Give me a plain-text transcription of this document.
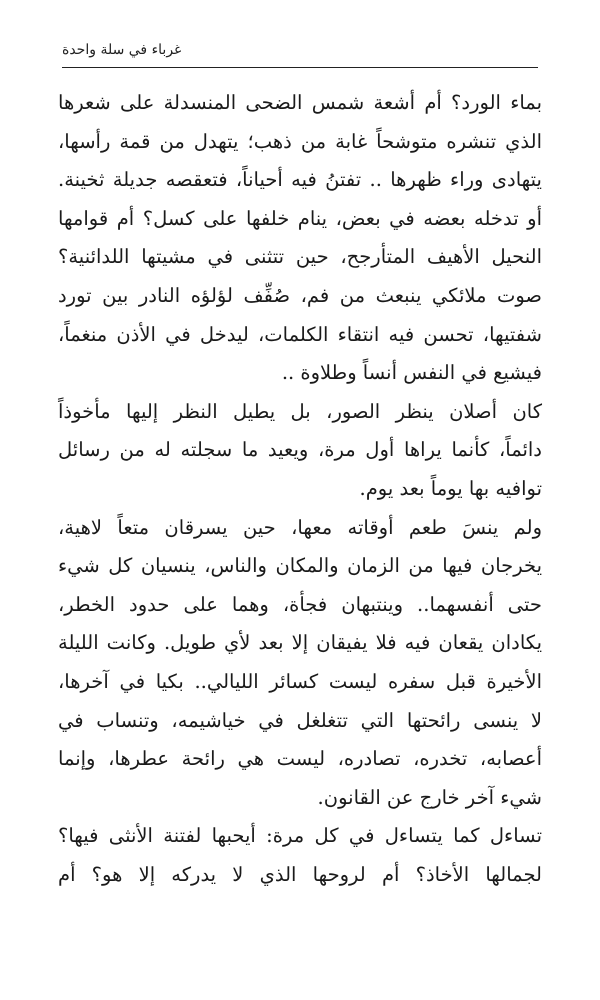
غرباء في سلة واحدة
بماء الورد؟ أم أشعة شمس الضحى المنسدلة على شعرها
الذي تنشره متوشحاً غابة من ذهب؛ يتهدل من قمة رأسها،
يتهادى وراء ظهرها .. تفتنُ فيه أحياناً، فتعقصه جديلة ثخينة.
أو تدخله بعضه في بعض، ينام خلفها على كسل؟ أم قوامها
النحيل الأهيف المتأرجح، حين تتثنى في مشيتها اللدائنية؟
صوت ملائكي ينبعث من فم، صُفِّف لؤلؤه النادر بين تورد
شفتيها، تحسن فيه انتقاء الكلمات، ليدخل في الأذن منغماً،
فيشيع في النفس أنساً وطلاوة ..
كان أصلان ينظر الصور، بل يطيل النظر إليها مأخوذاً
دائماً، كأنما يراها أول مرة، ويعيد ما سجلته له من رسائل
توافيه بها يوماً بعد يوم.
ولم ينسَ طعم أوقاته معها، حين يسرقان متعاً لاهية،
يخرجان فيها من الزمان والمكان والناس، ينسيان كل شيء
حتى أنفسهما.. وينتبهان فجأة، وهما على حدود الخطر،
يكادان يقعان فيه فلا يفيقان إلا بعد لأي طويل. وكانت الليلة
الأخيرة قبل سفره ليست كسائر الليالي.. بكيا في آخرها،
لا ينسى رائحتها التي تتغلغل في خياشيمه، وتنساب في
أعصابه، تخدره، تصادره، ليست هي رائحة عطرها، وإنما
شيء آخر خارج عن القانون.
تساءل كما يتساءل في كل مرة: أيحبها لفتنة الأنثى فيها؟
لجمالها الأخاذ؟ أم لروحها الذي لا يدركه إلا هو؟ أم
